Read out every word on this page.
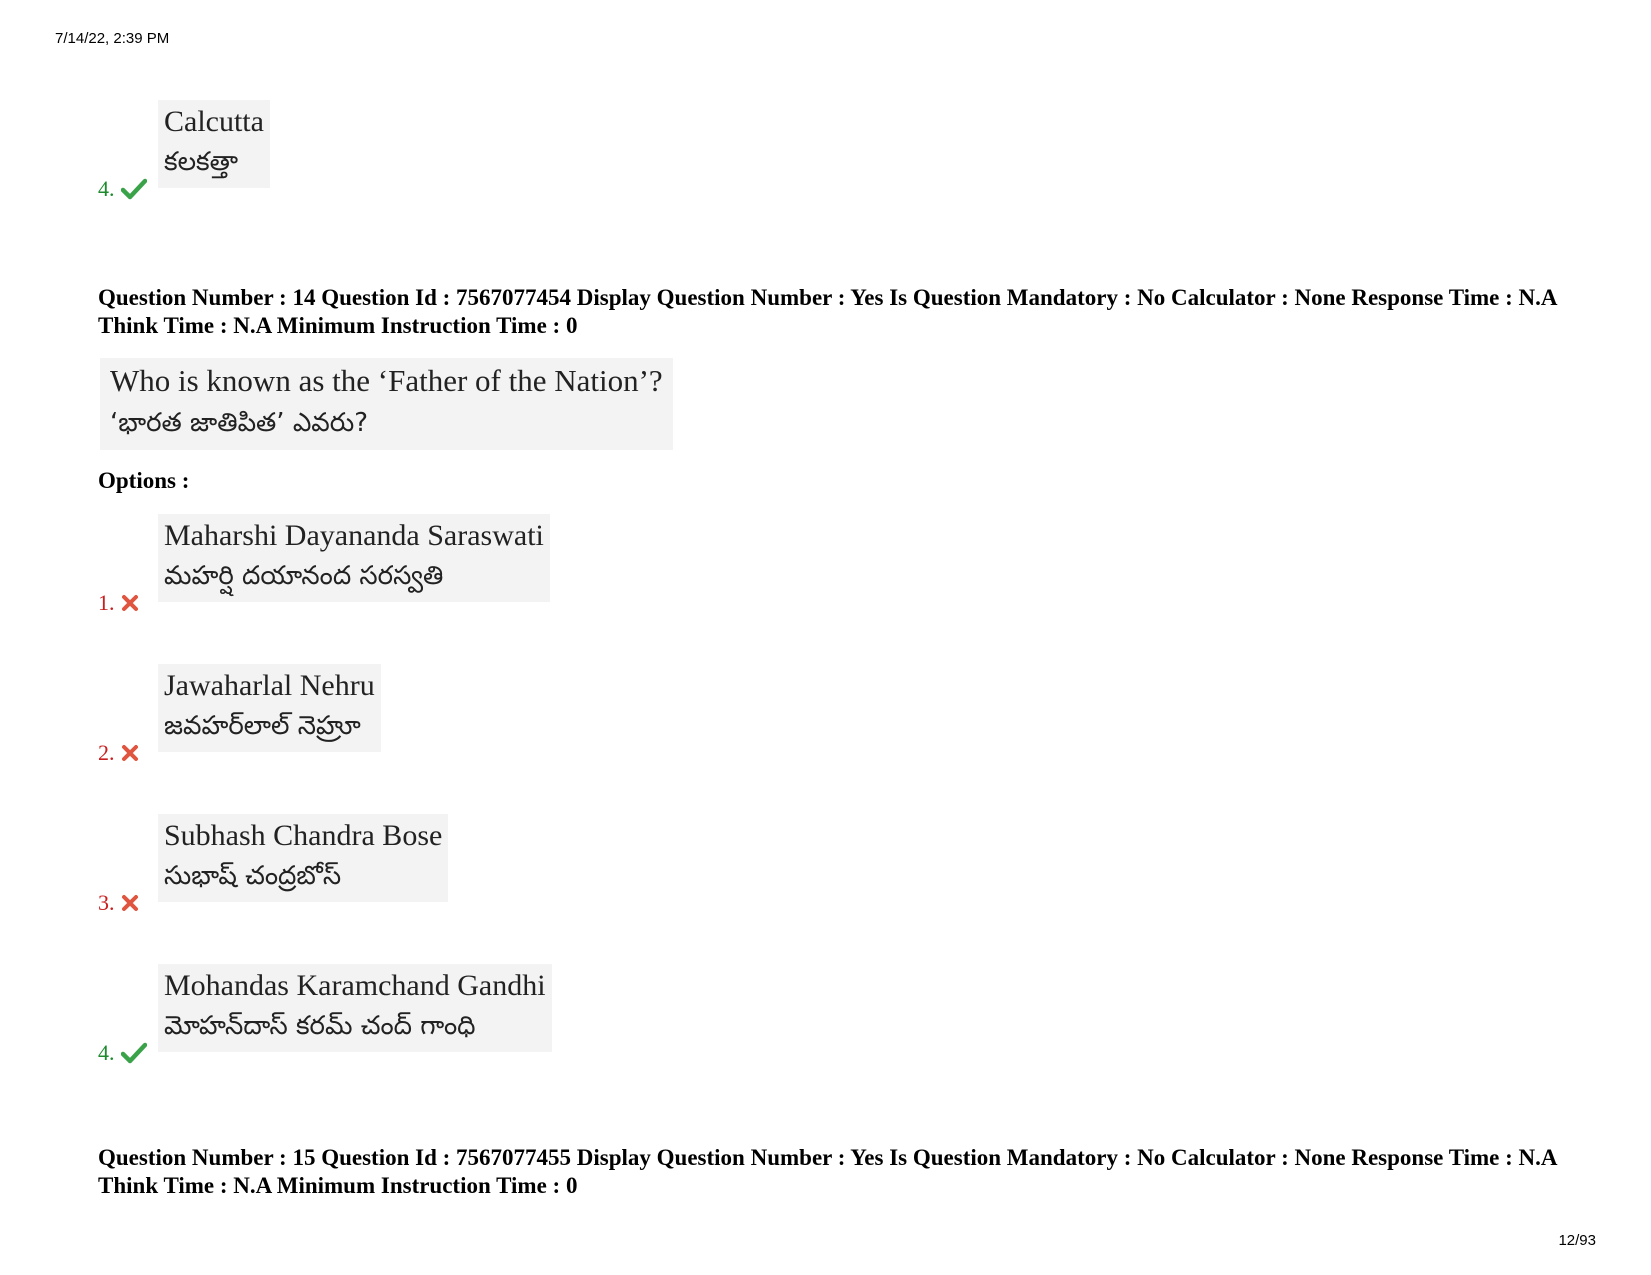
7/14/22, 2:39 PM
Calcutta
కలకత్తా
4.
Question Number : 14 Question Id : 7567077454 Display Question Number : Yes Is Question Mandatory : No Calculator : None Response Time : N.A Think Time : N.A Minimum Instruction Time : 0
Who is known as the ‘Father of the Nation’?
‘భారత జాతిపిత’ ఎవరు?
Options :
Maharshi Dayananda Saraswati
మహర్షి దయానంద సరస్వతి
1.
Jawaharlal Nehru
జవహర్‌లాల్ నెహ్రూ
2.
Subhash Chandra Bose
సుభాష్ చంద్రబోస్
3.
Mohandas Karamchand Gandhi
మోహన్‌దాస్ కరమ్ చంద్ గాంధి
4.
Question Number : 15 Question Id : 7567077455 Display Question Number : Yes Is Question Mandatory : No Calculator : None Response Time : N.A Think Time : N.A Minimum Instruction Time : 0
12/93
